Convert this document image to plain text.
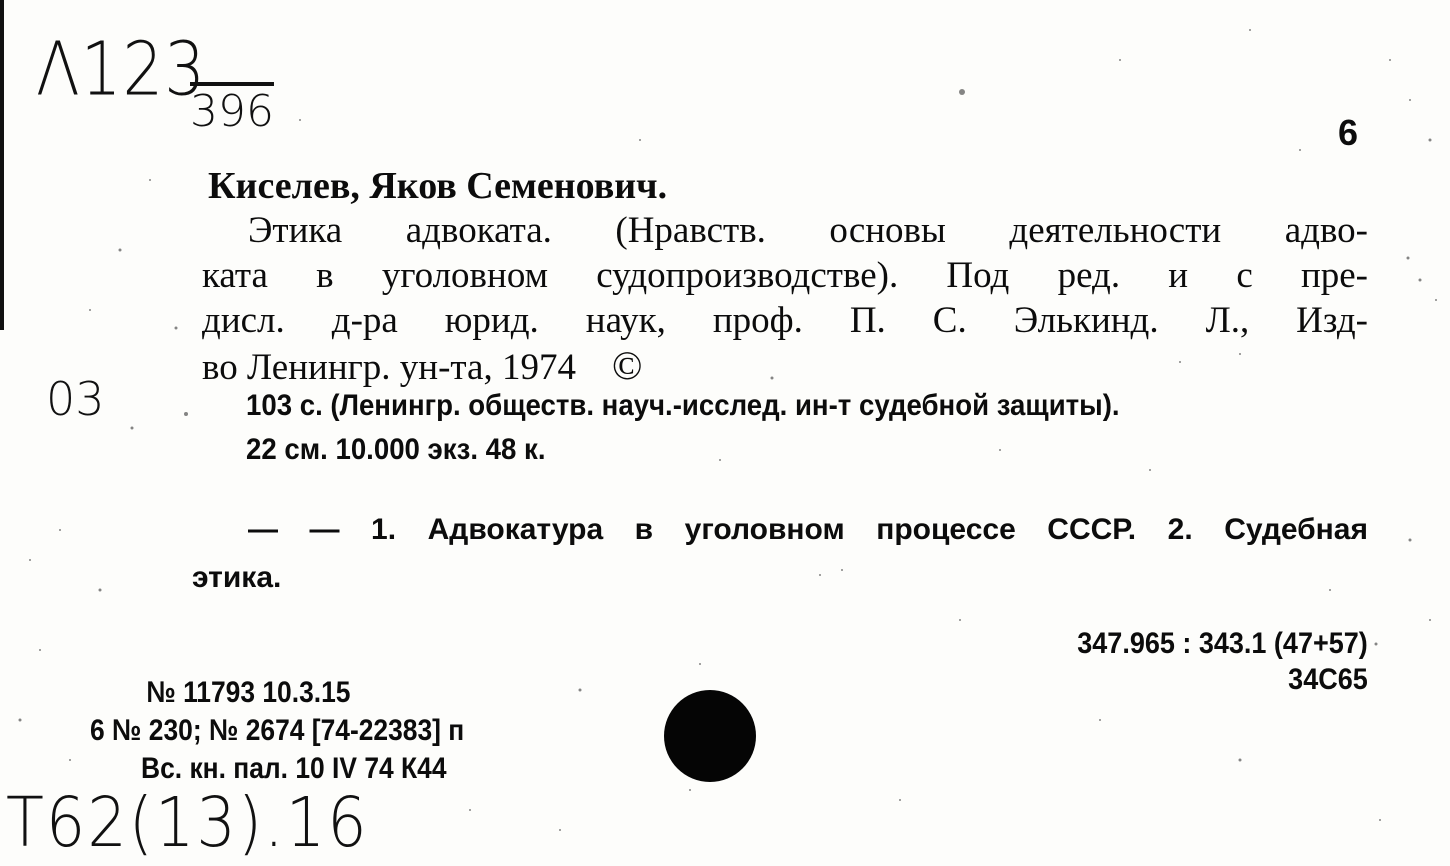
Λ123
396
03
T62(13).16
6
Киселев, Яков Семенович.
Этика адвоката. (Нравств. основы деятельности адво-
ката в уголовном судопроизводстве). Под ред. и с пре-
дисл. д-ра юрид. наук, проф. П. С. Элькинд. Л., Изд-
во Ленингр. ун-та, 1974 ©
103 с. (Ленингр. обществ. науч.-исслед. ин-т судебной защиты).
22 см. 10.000 экз. 48 к.
— — 1. Адвокатура в уголовном процессе СССР. 2. Судебная
этика.
347.965 : 343.1 (47+57)
34С65
№ 11793 10.3.15
6 № 230; № 2674 [74-22383] п
Вс. кн. пал. 10 IV 74 К44
